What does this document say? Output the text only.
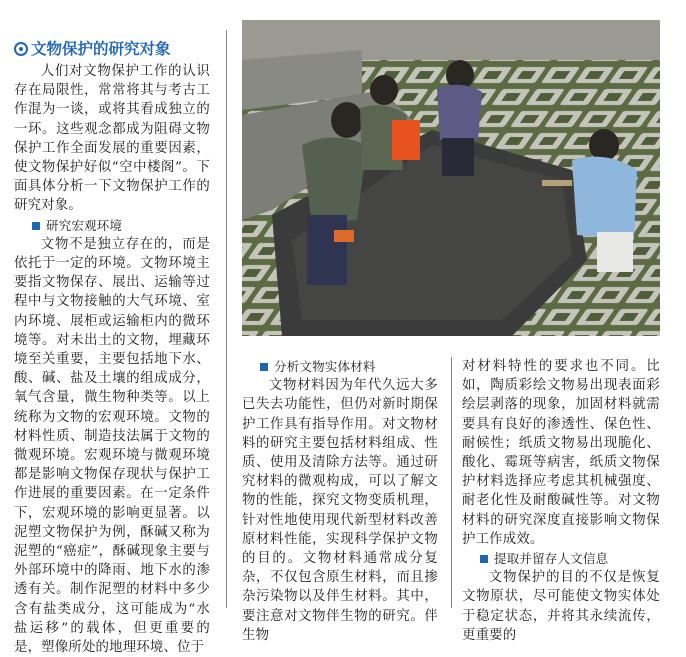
文物保护的研究对象

人们对文物保护工作的认识存在局限性，常常将其与考古工作混为一谈，或将其看成独立的一环。这些观念都成为阻碍文物保护工作全面发展的重要因素，使文物保护好似“空中楼阁”。下面具体分析一下文物保护工作的研究对象。

研究宏观环境

文物不是独立存在的，而是依托于一定的环境。文物环境主要指文物保存、展出、运输等过程中与文物接触的大气环境、室内环境、展柜或运输柜内的微环境等。对未出土的文物，埋藏环境至关重要，主要包括地下水、酸、碱、盐及土壤的组成成分，氧气含量，微生物种类等。以上统称为文物的宏观环境。文物的材料性质、制造技法属于文物的微观环境。宏观环境与微观环境都是影响文物保存现状与保护工作进展的重要因素。在一定条件下，宏观环境的影响更显著。以泥塑文物保护为例，酥碱又称为泥塑的“癌症”，酥碱现象主要与外部环境中的降雨、地下水的渗透有关。制作泥塑的材料中多少含有盐类成分，这可能成为“水盐运移”的载体，但更重要的是，塑像所处的地理环境、位于

分析文物实体材料

文物材料因为年代久远大多已失去功能性，但仍对新时期保护工作具有指导作用。对文物材料的研究主要包括材料组成、性质、使用及清除方法等。通过研究材料的微观构成，可以了解文物的性能，探究文物变质机理，针对性地使用现代新型材料改善原材料性能，实现科学保护文物的目的。文物材料通常成分复杂，不仅包含原生材料，而且掺杂污染物以及伴生材料。其中，要注意对文物伴生物的研究。伴生物

对材料特性的要求也不同。比如，陶质彩绘文物易出现表面彩绘层剥落的现象，加固材料就需要具有良好的渗透性、保色性、耐候性；纸质文物易出现脆化、酸化、霉斑等病害，纸质文物保护材料选择应考虑其机械强度、耐老化性及耐酸碱性等。对文物材料的研究深度直接影响文物保护工作成效。

提取并留存人文信息

文物保护的目的不仅是恢复文物原状，尽可能使文物实体处于稳定状态，并将其永续流传，更重要的
